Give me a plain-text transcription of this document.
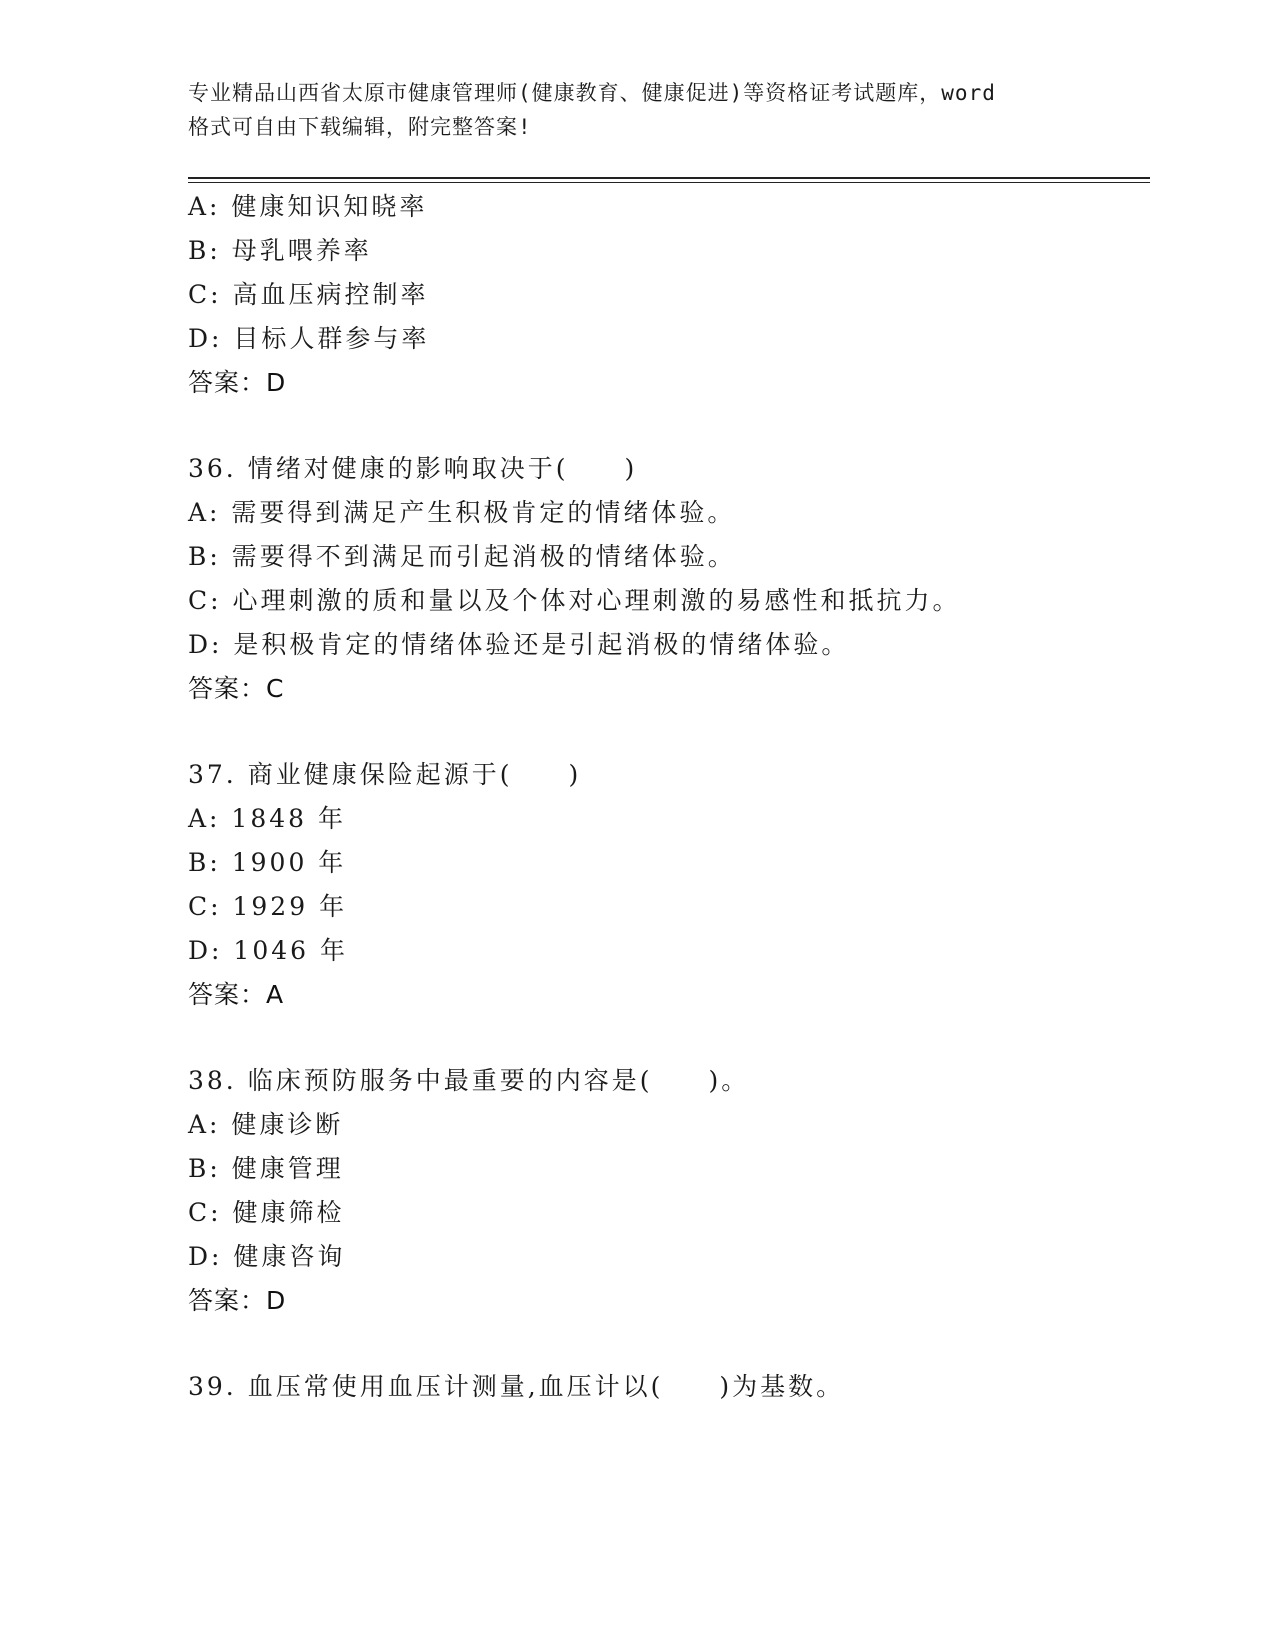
专业精品山西省太原市健康管理师(健康教育、健康促进)等资格证考试题库，word
格式可自由下载编辑，附完整答案!
A: 健康知识知晓率
B: 母乳喂养率
C: 高血压病控制率
D: 目标人群参与率
答案：D
36. 情绪对健康的影响取决于(　　)
A: 需要得到满足产生积极肯定的情绪体验。
B: 需要得不到满足而引起消极的情绪体验。
C: 心理刺激的质和量以及个体对心理刺激的易感性和抵抗力。
D: 是积极肯定的情绪体验还是引起消极的情绪体验。
答案：C
37. 商业健康保险起源于(　　)
A: 1848 年
B: 1900 年
C: 1929 年
D: 1046 年
答案：A
38. 临床预防服务中最重要的内容是(　　)。
A: 健康诊断
B: 健康管理
C: 健康筛检
D: 健康咨询
答案：D
39. 血压常使用血压计测量,血压计以(　　)为基数。
